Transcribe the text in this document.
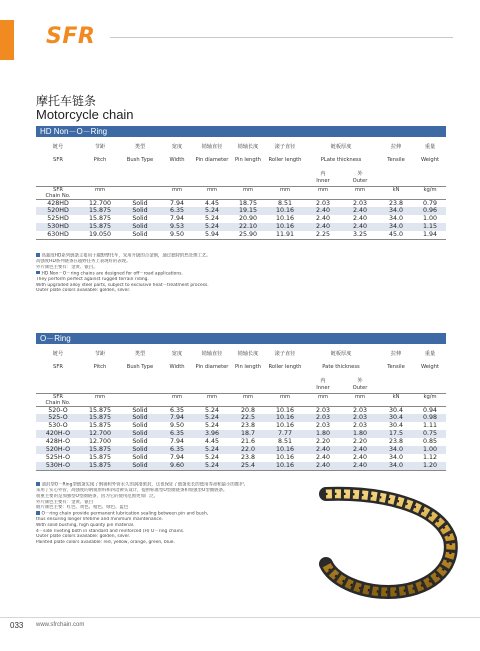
SFR
摩托车链条
Motorcycle chain
HD Non－O－Ring
链号	节距	类型	宽度	销轴直径	销轴长度	滚子直径	链板厚度		拉伸	重量
SFR	Pitch	Bush Type	Width	Pin diameter	Pin length	Roller length	PLate thickness		Tensile	Weight
							内	外		
							Inner	Outer		
SFR
Chain No.	mm		mm	mm	mm	mm	mm	mm	kN	kg/m
428HD	12.700	Solid	7.94	4.45	18.75	8.51	2.03	2.03	23.8	0.79
520HD	15.875	Solid	6.35	5.24	19.15	10.16	2.40	2.40	34.0	0.96
525HD	15.875	Solid	7.94	5.24	20.90	10.16	2.40	2.40	34.0	1.00
530HD	15.875	Solid	9.53	5.24	22.10	10.16	2.40	2.40	34.0	1.15
630HD	19.050	Solid	9.50	5.94	25.90	11.91	2.25	3.25	45.0	1.94

高强度HD系列链条主要用于越野摩托车，采用升级的合金钢，通过独特的热处理工艺。

高强度HD系列链条在越野任务上表现好的表现。

外片颜色主要有：金黄、银白。

HD Non－O－ring chains are designed for off－road applications.

They perform perfect against rugged terrain riding.

With upgraded alloy steel parts, subject to exclusive heat－treatment process.

Outer plate colors available: golden, silver.

O－Ring
链号	节距	类型	宽度	销轴直径	销轴长度	滚子直径	链板厚度		拉伸	重量
SFR	Pitch	Bush Type	Width	Pin diameter	Pin length	Roller length	Pate thickness		Tensile	Weight
							内	外		
							Inner	Outer		
SFR
Chain No.	mm		mm	mm	mm	mm	mm	mm	kN	kg/m
520-O	15.875	Solid	6.35	5.24	20.8	10.16	2.03	2.03	30.4	0.94
525-O	15.875	Solid	7.94	5.24	22.5	10.16	2.03	2.03	30.4	0.98
530-O	15.875	Solid	9.50	5.24	23.8	10.16	2.03	2.03	30.4	1.11
420H-O	12.700	Solid	6.35	3.96	18.7	7.77	1.80	1.80	17.5	0.75
428H-O	12.700	Solid	7.94	4.45	21.6	8.51	2.20	2.20	23.8	0.85
520H-O	15.875	Solid	6.35	5.24	22.0	10.16	2.40	2.40	34.0	1.00
525H-O	15.875	Solid	7.94	5.24	23.8	10.16	2.40	2.40	34.0	1.12
530H-O	15.875	Solid	9.60	5.24	25.4	10.16	2.40	2.40	34.0	1.20

油封型O－Ring型链条实现了钢销和外管永久的润滑密封，这也保证了链条更长的使用寿命和最小的维护。

采用了实心外管，高强度的钢销原料和四边铆头设计，提供标准型O型圈链条和加强型O型圈链条。

很重主要的是加强型O型圈链条，因为它的使用范围更加广泛。

外片颜色主要有：金黄、银白

镀片颜色主要：红色、黄色、橙色、绿色、蓝色

O－ring chain provide permanent lubrication sealing between pin and bush,

thus ensuring longer lifetime and minimum maintenance.

With solid bushing, high quality pin material.

4－side riveting both in standard and reinforced (H) O－ring chains.

Outer plate colors available: golden, silver.

Painted plate colors available: red, yellow, orange, green, blue.

033 www.sfrchain.com
